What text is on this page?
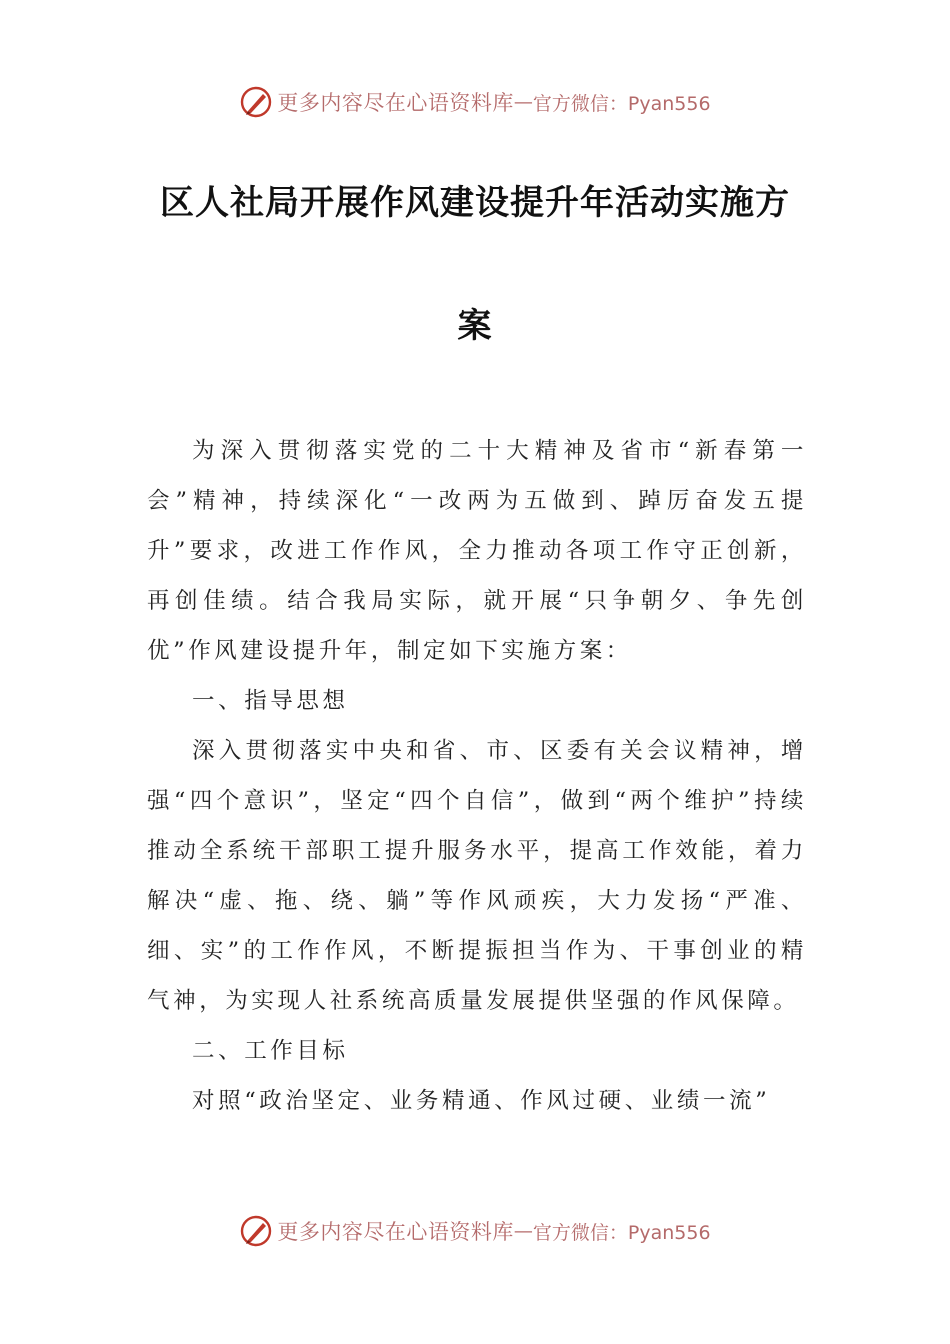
更多内容尽在心语资料库 — 官方微信：Pyan556
区人社局开展作风建设提升年活动实施方
案

为深入贯彻落实党的二十大精神及省市“新春第一会”精神，持续深化“一改两为五做到、踔厉奋发五提升”要求，改进工作作风，全力推动各项工作守正创新，再创佳绩。结合我局实际，就开展“只争朝夕、争先创优”作风建设提升年，制定如下实施方案：

一、指导思想

深入贯彻落实中央和省、市、区委有关会议精神，增强“四个意识”，坚定“四个自信”，做到“两个维护”持续推动全系统干部职工提升服务水平，提高工作效能，着力解决“虚、拖、绕、躺”等作风顽疾，大力发扬“严准、细、实”的工作作风，不断提振担当作为、干事创业的精气神，为实现人社系统高质量发展提供坚强的作风保障。

二、工作目标

对照“政治坚定、业务精通、作风过硬、业绩一流”

更多内容尽在心语资料库 — 官方微信：Pyan556
